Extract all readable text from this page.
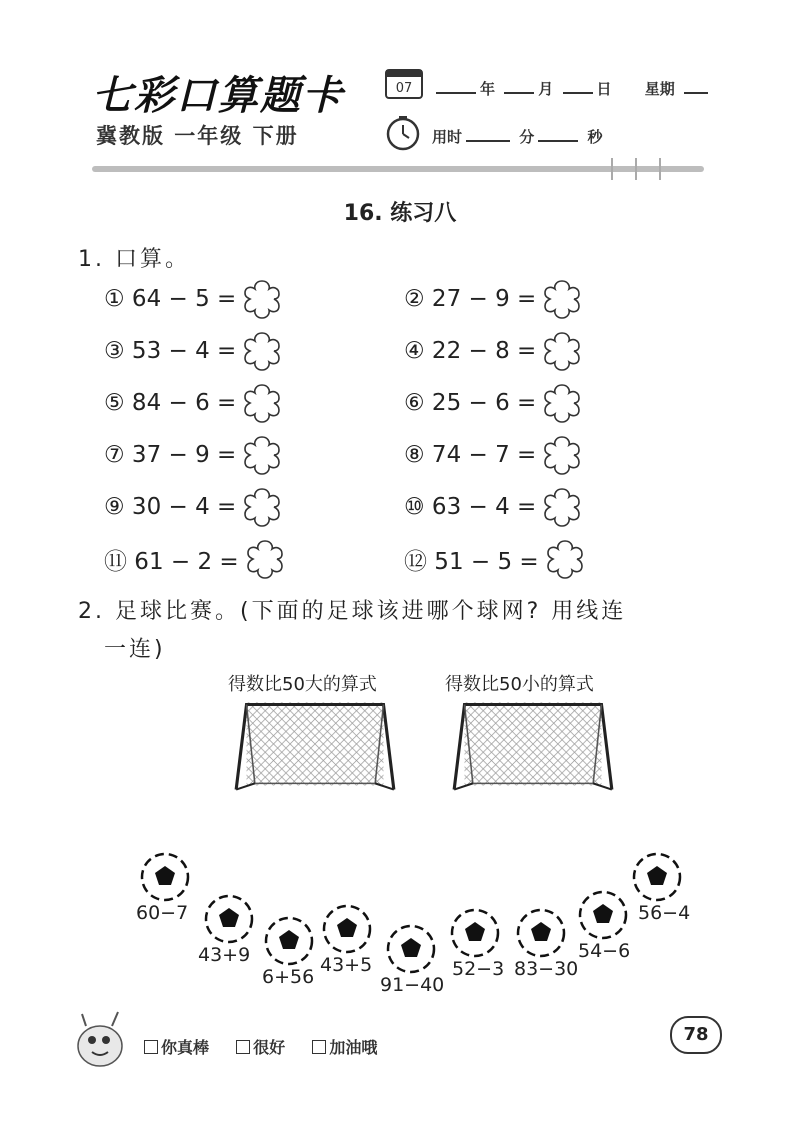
七彩口算题卡
冀教版 一年级 下册
07	年	月	日 星期
用时	分	秒
16. 练习八
1. 口算。
① 64 − 5 =	② 27 − 9 =
③ 53 − 4 =	④ 22 − 8 =
⑤ 84 − 6 =	⑥ 25 − 6 =
⑦ 37 − 9 =	⑧ 74 − 7 =
⑨ 30 − 4 =	⑩ 63 − 4 =
⑪ 61 − 2 =	⑫ 51 − 5 =
2. 足球比赛。(下面的足球该进哪个球网? 用线连
一连)
得数比50大的算式	得数比50小的算式
60−7
43+9
6+56
43+5
91−40
52−3 83−30
54−6
56−4
你真棒	很好	加油哦
78
